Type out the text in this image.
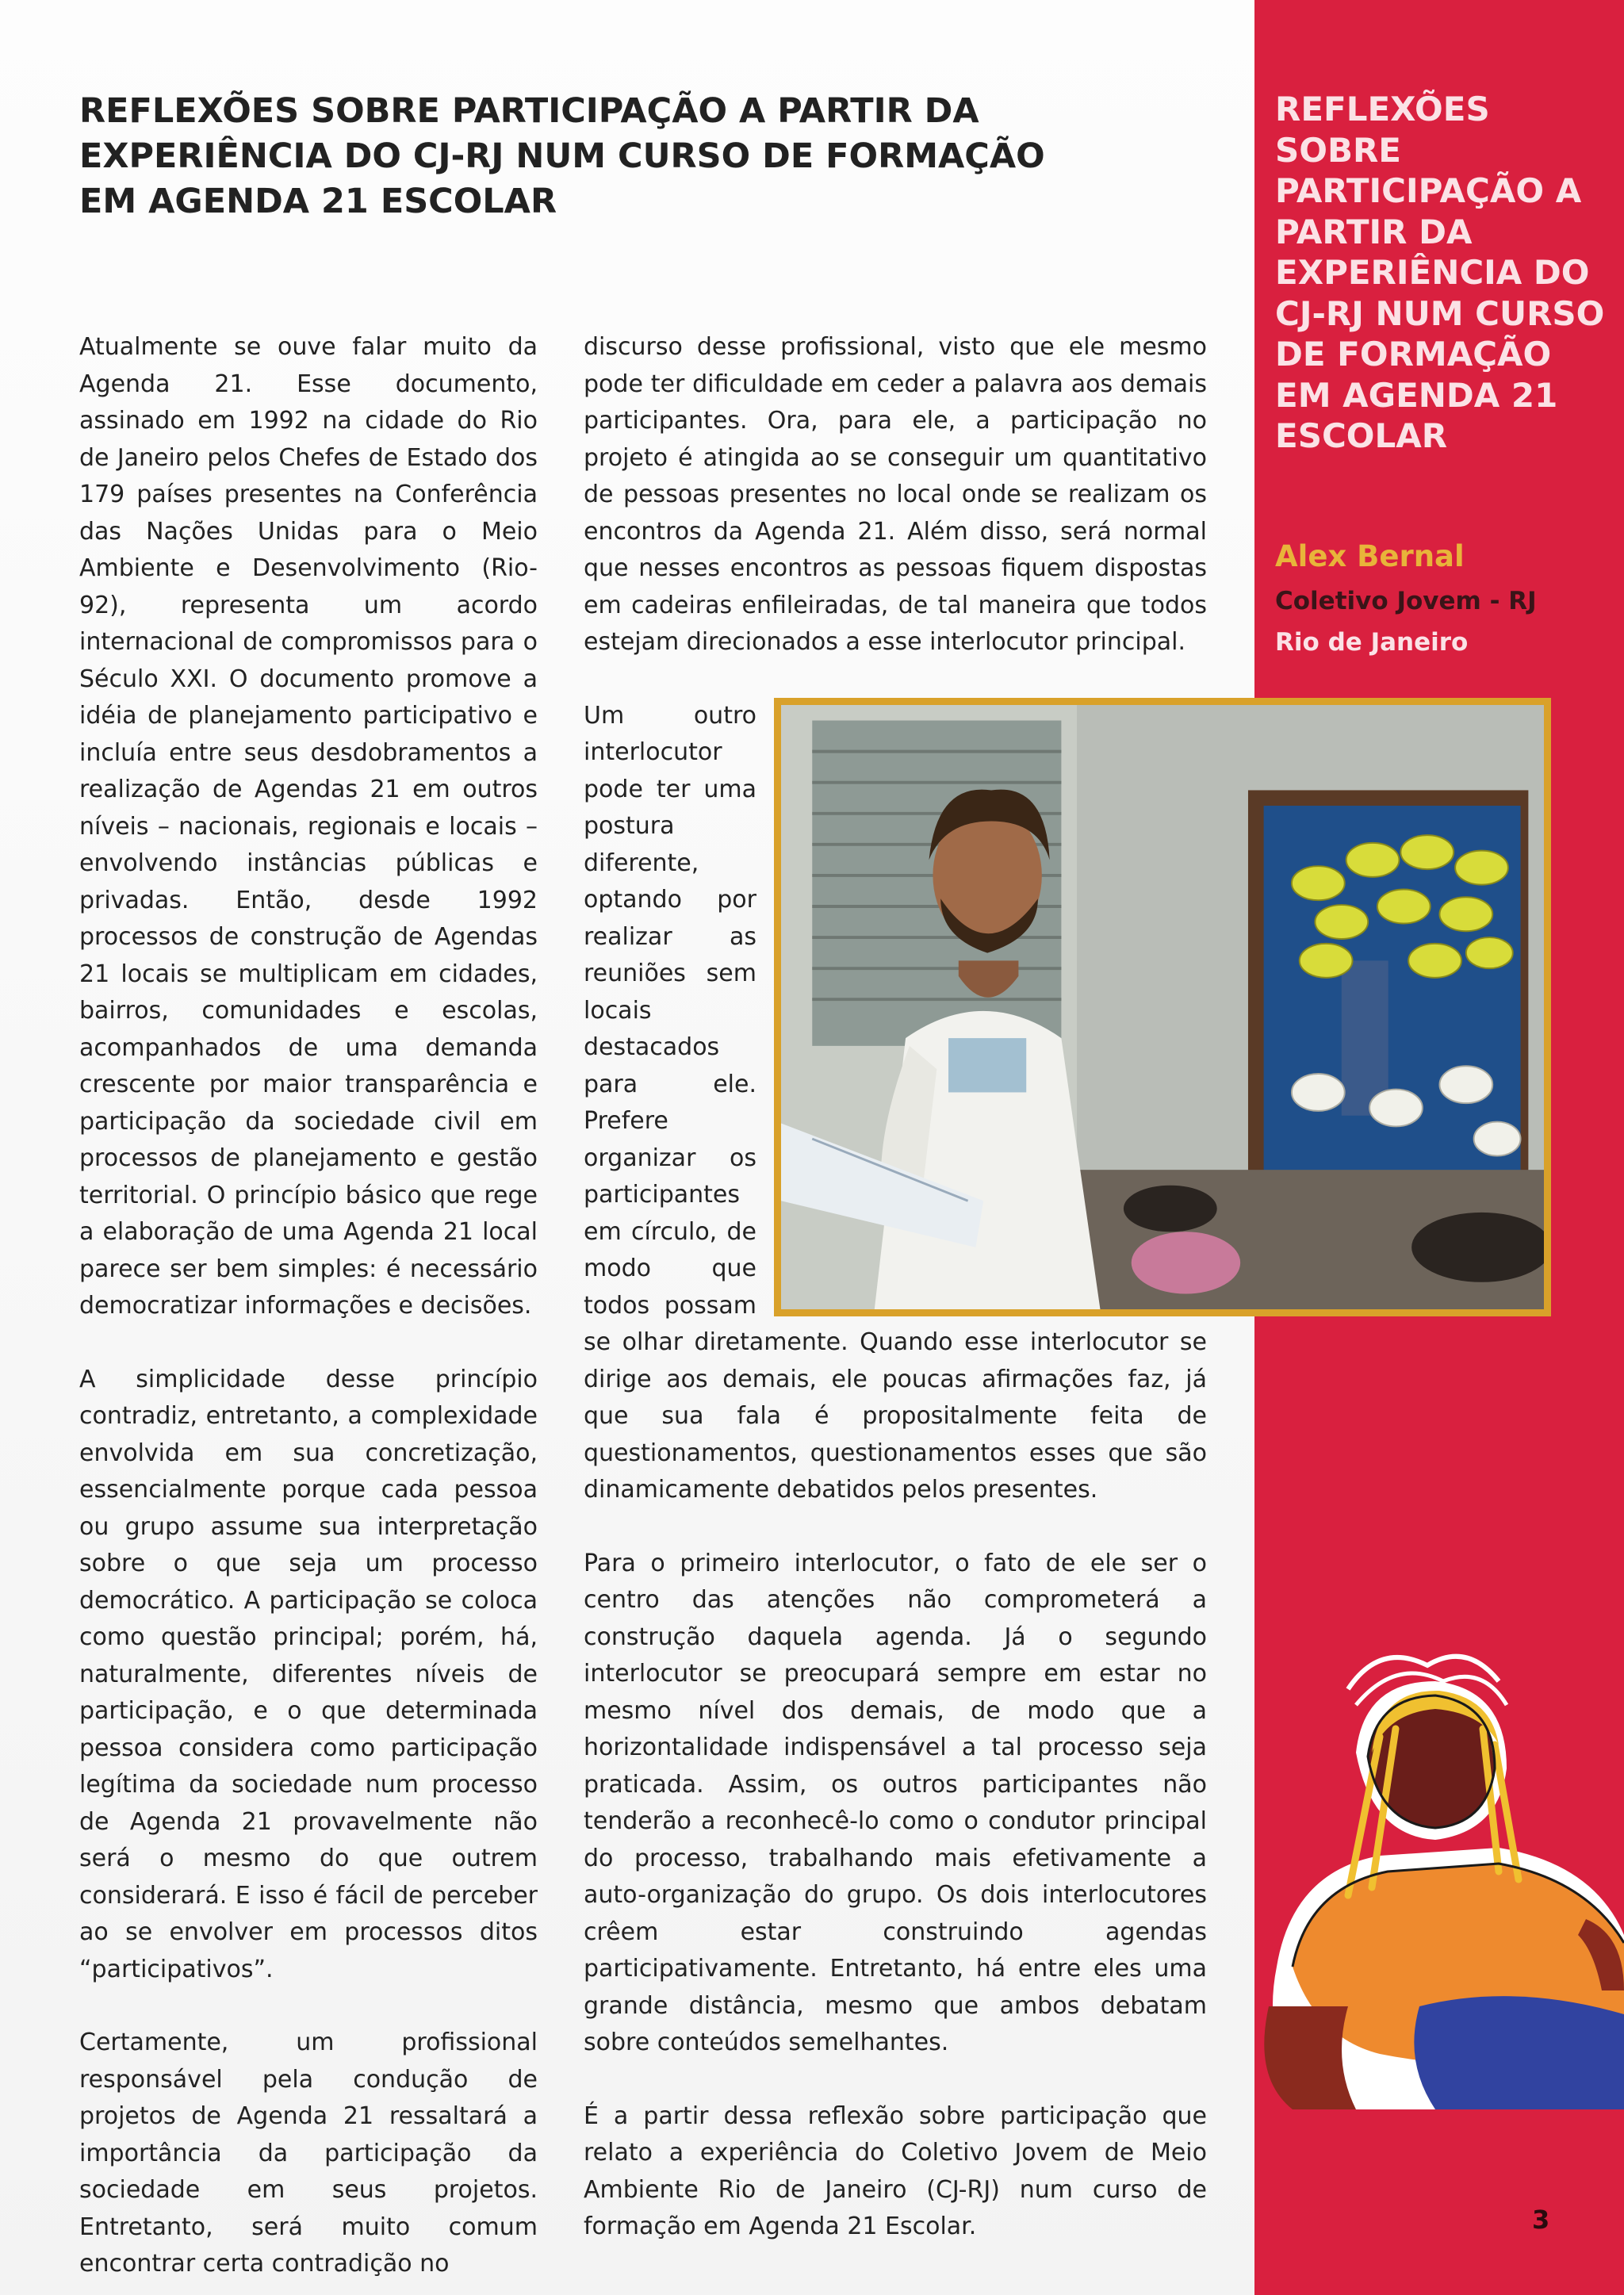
REFLEXÕES SOBRE PARTICIPAÇÃO A PARTIR DA EXPERIÊNCIA DO CJ-RJ NUM CURSO DE FORMAÇÃO EM AGENDA 21 ESCOLAR

Atualmente se ouve falar muito da Agenda 21. Esse documento, assinado em 1992 na cidade do Rio de Janeiro pelos Chefes de Estado dos 179 países presentes na Conferência das Nações Unidas para o Meio Ambiente e Desenvolvimento (Rio-92), representa um acordo internacional de compromissos para o Século XXI. O documento promove a idéia de planejamento participativo e incluía entre seus desdobramentos a realização de Agendas 21 em outros níveis – nacionais, regionais e locais – envolvendo instâncias públicas e privadas. Então, desde 1992 processos de construção de Agendas 21 locais se multiplicam em cidades, bairros, comunidades e escolas, acompanhados de uma demanda crescente por maior transparência e participação da sociedade civil em processos de planejamento e gestão territorial. O princípio básico que rege a elaboração de uma Agenda 21 local parece ser bem simples: é necessário democratizar informações e decisões.

A simplicidade desse princípio contradiz, entretanto, a complexidade envolvida em sua concretização, essencialmente porque cada pessoa ou grupo assume sua interpretação sobre o que seja um processo democrático. A participação se coloca como questão principal; porém, há, naturalmente, diferentes níveis de participação, e o que determinada pessoa considera como participação legítima da sociedade num processo de Agenda 21 provavelmente não será o mesmo do que outrem considerará. E isso é fácil de perceber ao se envolver em processos ditos “participativos”.

Certamente, um profissional responsável pela condução de projetos de Agenda 21 ressaltará a importância da participação da sociedade em seus projetos. Entretanto, será muito comum encontrar certa contradição no

discurso desse profissional, visto que ele mesmo pode ter dificuldade em ceder a palavra aos demais participantes. Ora, para ele, a participação no projeto é atingida ao se conseguir um quantitativo de pessoas presentes no local onde se realizam os encontros da Agenda 21. Além disso, será normal que nesses encontros as pessoas fiquem dispostas em cadeiras enfileiradas, de tal maneira que todos estejam direcionados a esse interlocutor principal.

Um outro interlocutor pode ter uma postura diferente, optando por realizar as reuniões sem locais destacados para ele. Prefere organizar os participantes em círculo, de modo que todos possam se olhar diretamente. Quando esse interlocutor se dirige aos demais, ele poucas afirmações faz, já que sua fala é propositalmente feita de questionamentos, questionamentos esses que são dinamicamente debatidos pelos presentes.

Para o primeiro interlocutor, o fato de ele ser o centro das atenções não comprometerá a construção daquela agenda. Já o segundo interlocutor se preocupará sempre em estar no mesmo nível dos demais, de modo que a horizontalidade indispensável a tal processo seja praticada. Assim, os outros participantes não tenderão a reconhecê-lo como o condutor principal do processo, trabalhando mais efetivamente a auto-organização do grupo. Os dois interlocutores crêem estar construindo agendas participativamente. Entretanto, há entre eles uma grande distância, mesmo que ambos debatam sobre conteúdos semelhantes.

É a partir dessa reflexão sobre participação que relato a experiência do Coletivo Jovem de Meio Ambiente Rio de Janeiro (CJ-RJ) num curso de formação em Agenda 21 Escolar.

REFLEXÕES SOBRE PARTICIPAÇÃO A PARTIR DA EXPERIÊNCIA DO CJ-RJ NUM CURSO DE FORMAÇÃO EM AGENDA 21 ESCOLAR
Alex Bernal
Coletivo Jovem - RJ
Rio de Janeiro
3
